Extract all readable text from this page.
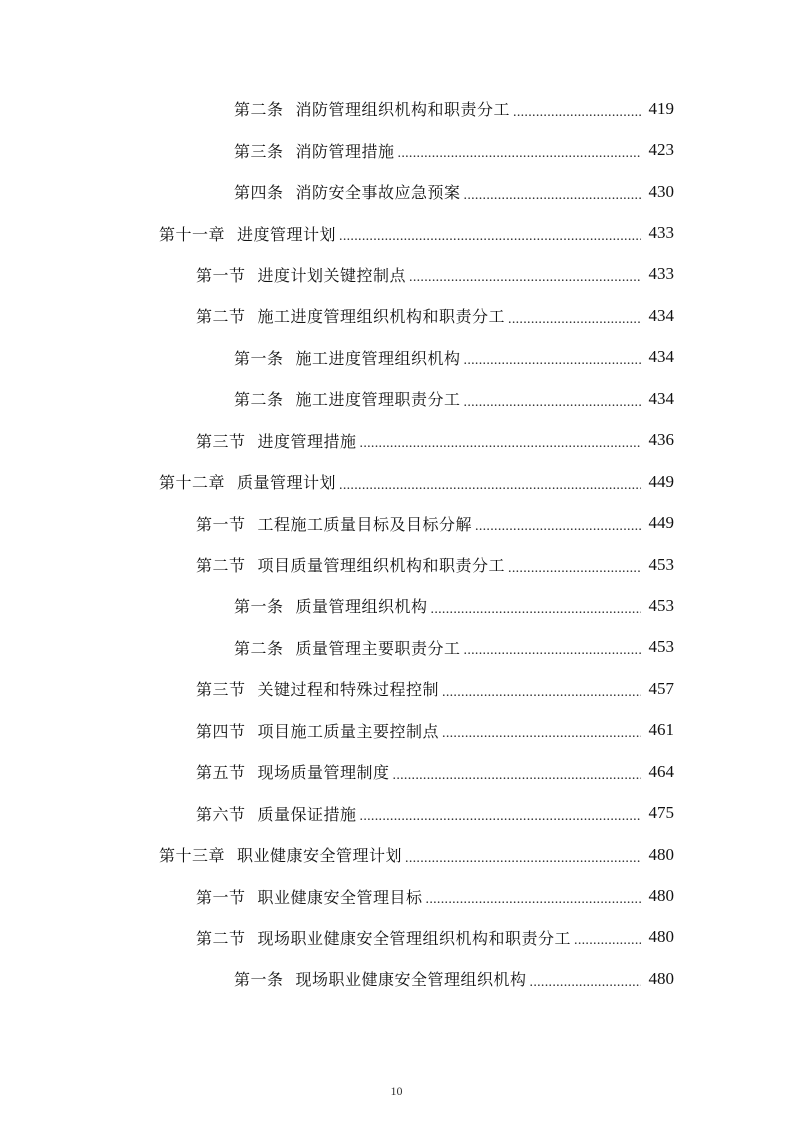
第二条 消防管理组织机构和职责分工 .....	419
第三条 消防管理措施 .....	423
第四条 消防安全事故应急预案 .....	430
第十一章 进度管理计划 .....	433
第一节 进度计划关键控制点 .....	433
第二节 施工进度管理组织机构和职责分工 .....	434
第一条 施工进度管理组织机构 .....	434
第二条 施工进度管理职责分工 .....	434
第三节 进度管理措施 .....	436
第十二章 质量管理计划 .....	449
第一节 工程施工质量目标及目标分解 .....	449
第二节 项目质量管理组织机构和职责分工 .....	453
第一条 质量管理组织机构 .....	453
第二条 质量管理主要职责分工 .....	453
第三节 关键过程和特殊过程控制 .....	457
第四节 项目施工质量主要控制点 .....	461
第五节 现场质量管理制度 .....	464
第六节 质量保证措施 .....	475
第十三章 职业健康安全管理计划 .....	480
第一节 职业健康安全管理目标 .....	480
第二节 现场职业健康安全管理组织机构和职责分工 .....	480
第一条 现场职业健康安全管理组织机构 .....	480
10
